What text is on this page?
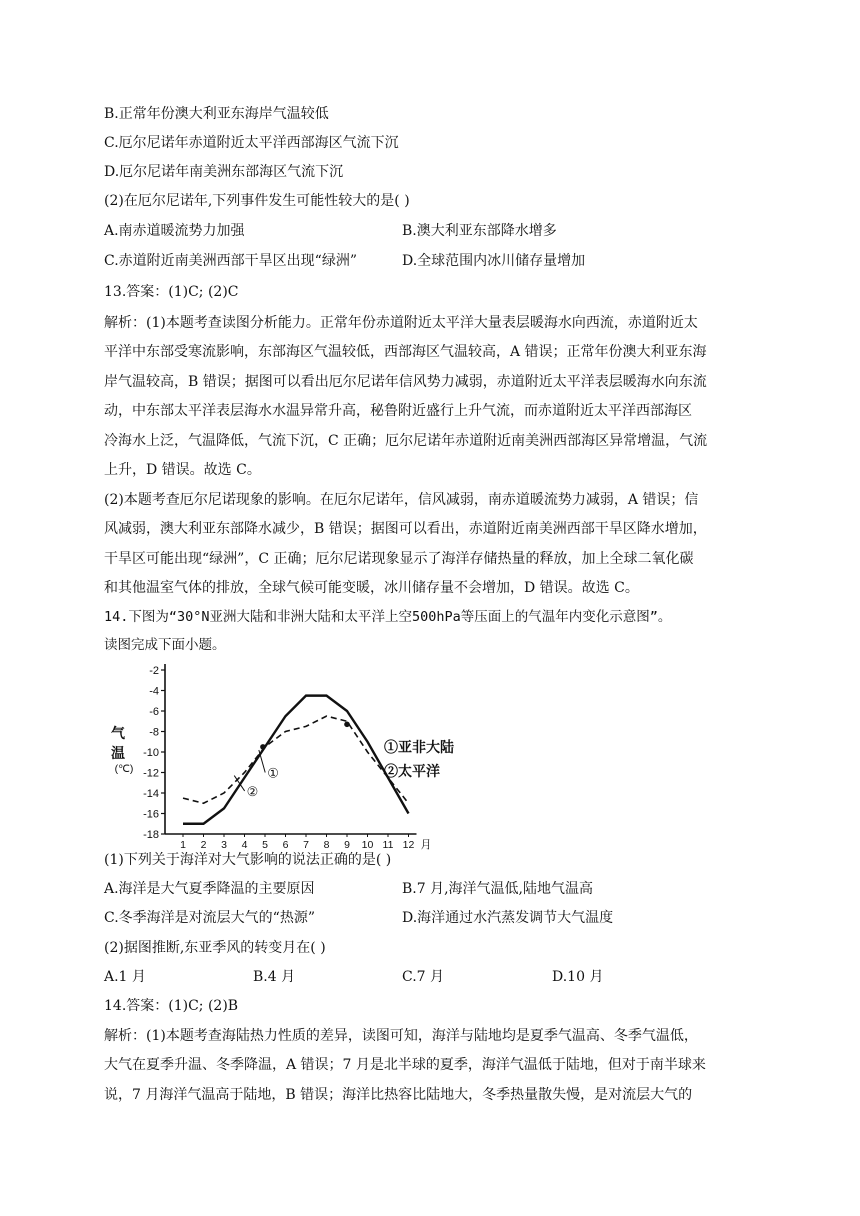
B.正常年份澳大利亚东海岸气温较低
C.厄尔尼诺年赤道附近太平洋西部海区气流下沉
D.厄尔尼诺年南美洲东部海区气流下沉
(2)在厄尔尼诺年,下列事件发生可能性较大的是( )
A.南赤道暖流势力加强	B.澳大利亚东部降水增多
C.赤道附近南美洲西部干旱区出现“绿洲”	D.全球范围内冰川储存量增加
13.答案：(1)C; (2)C
解析：(1)本题考查读图分析能力。正常年份赤道附近太平洋大量表层暖海水向西流，赤道附近太
平洋中东部受寒流影响，东部海区气温较低，西部海区气温较高，A 错误；正常年份澳大利亚东海
岸气温较高，B 错误；据图可以看出厄尔尼诺年信风势力减弱，赤道附近太平洋表层暖海水向东流
动，中东部太平洋表层海水水温异常升高，秘鲁附近盛行上升气流，而赤道附近太平洋西部海区
冷海水上泛，气温降低，气流下沉，C 正确；厄尔尼诺年赤道附近南美洲西部海区异常增温，气流
上升，D 错误。故选 C。
(2)本题考查厄尔尼诺现象的影响。在厄尔尼诺年，信风减弱，南赤道暖流势力减弱，A 错误；信
风减弱，澳大利亚东部降水减少，B 错误；据图可以看出，赤道附近南美洲西部干旱区降水增加，
干旱区可能出现“绿洲”，C 正确；厄尔尼诺现象显示了海洋存储热量的释放，加上全球二氧化碳
和其他温室气体的排放，全球气候可能变暖，冰川储存量不会增加，D 错误。故选 C。
14.下图为“30°N亚洲大陆和非洲大陆和太平洋上空500hPa等压面上的气温年内变化示意图”。
读图完成下面小题。
-2
-4
-6
-8
-10
-12
-14
-16
-18
气
温
(℃)
1 2 3 4 5 6 7 8 9 10 11 12 月
①
②
①亚非大陆
②太平洋
(1)下列关于海洋对大气影响的说法正确的是( )
A.海洋是大气夏季降温的主要原因	B.7 月,海洋气温低,陆地气温高
C.冬季海洋是对流层大气的“热源”	D.海洋通过水汽蒸发调节大气温度
(2)据图推断,东亚季风的转变月在( )
A.1 月	B.4 月	C.7 月	D.10 月
14.答案：(1)C; (2)B
解析：(1)本题考查海陆热力性质的差异，读图可知，海洋与陆地均是夏季气温高、冬季气温低，
大气在夏季升温、冬季降温，A 错误；7 月是北半球的夏季，海洋气温低于陆地，但对于南半球来
说，7 月海洋气温高于陆地，B 错误；海洋比热容比陆地大，冬季热量散失慢，是对流层大气的
